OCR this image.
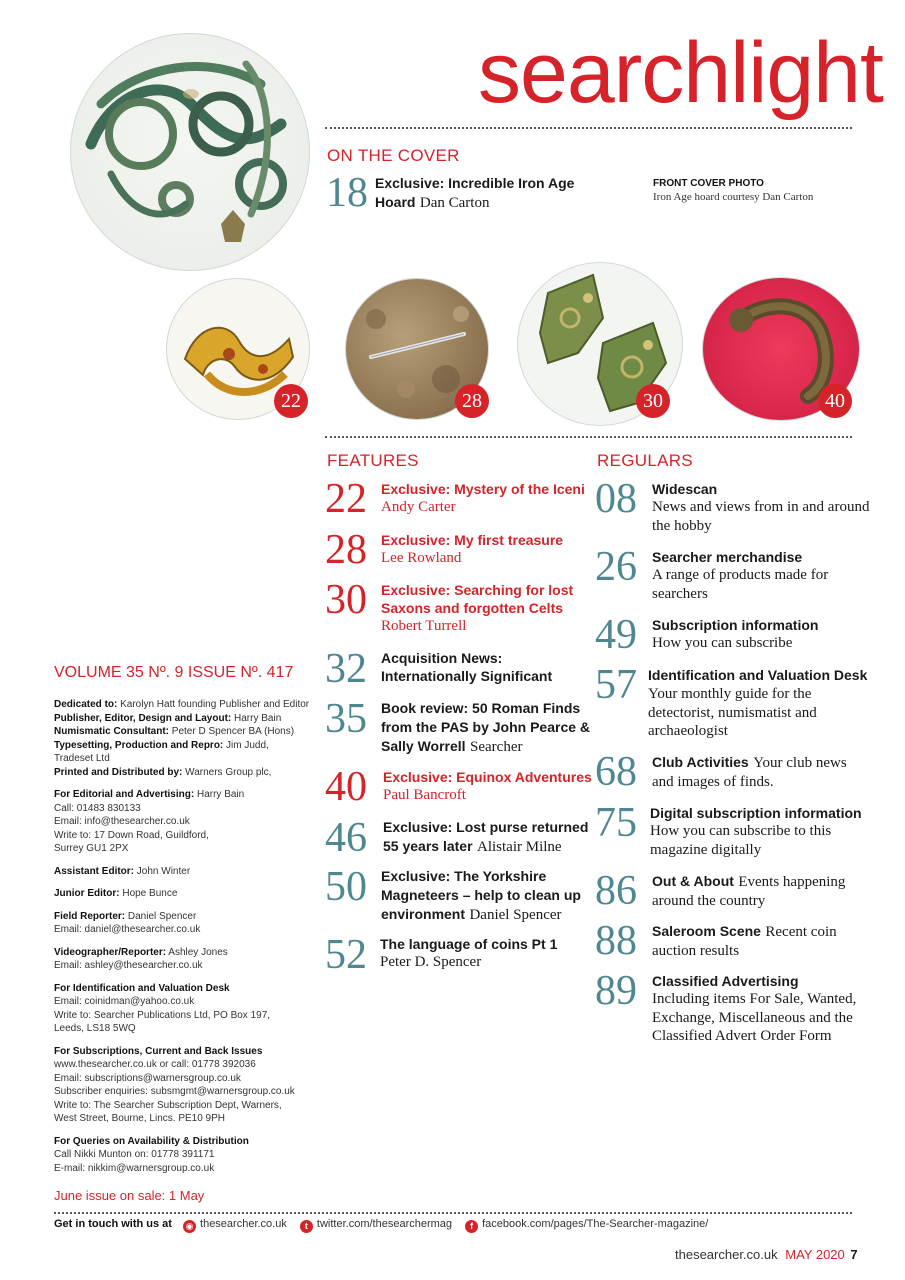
searchlight
ON THE COVER
18 Exclusive: Incredible Iron Age Hoard Dan Carton
FRONT COVER PHOTO
Iron Age hoard courtesy Dan Carton
22	28	30	40
FEATURES
22 Exclusive: Mystery of the Iceni
Andy Carter
28 Exclusive: My first treasure
Lee Rowland
30 Exclusive: Searching for lost Saxons and forgotten Celts
Robert Turrell
32 Acquisition News: Internationally Significant
35 Book review: 50 Roman Finds from the PAS by John Pearce & Sally Worrell Searcher
40 Exclusive: Equinox Adventures
Paul Bancroft
46 Exclusive: Lost purse returned 55 years later Alistair Milne
50 Exclusive: The Yorkshire Magneteers – help to clean up environment Daniel Spencer
52 The language of coins Pt 1
Peter D. Spencer
REGULARS
08 Widescan
News and views from in and around the hobby
26 Searcher merchandise
A range of products made for searchers
49 Subscription information
How you can subscribe
57 Identification and Valuation Desk Your monthly guide for the detectorist, numismatist and archaeologist
68 Club Activities Your club news and images of finds.
75 Digital subscription information
How you can subscribe to this magazine digitally
86 Out & About Events happening around the country
88 Saleroom Scene Recent coin auction results
89 Classified Advertising
Including items For Sale, Wanted, Exchange, Miscellaneous and the Classified Advert Order Form
VOLUME 35 Nº. 9 ISSUE Nº. 417
Dedicated to: Karolyn Hatt founding Publisher and Editor
Publisher, Editor, Design and Layout: Harry Bain
Numismatic Consultant: Peter D Spencer BA (Hons)
Typesetting, Production and Repro: Jim Judd,
Tradeset Ltd
Printed and Distributed by: Warners Group plc,
For Editorial and Advertising: Harry Bain
Call: 01483 830133
Email: info@thesearcher.co.uk
Write to: 17 Down Road, Guildford,
Surrey GU1 2PX
Assistant Editor: John Winter
Junior Editor: Hope Bunce
Field Reporter: Daniel Spencer
Email: daniel@thesearcher.co.uk
Videographer/Reporter: Ashley Jones
Email: ashley@thesearcher.co.uk
For Identification and Valuation Desk
Email: coinidman@yahoo.co.uk
Write to: Searcher Publications Ltd, PO Box 197,
Leeds, LS18 5WQ
For Subscriptions, Current and Back Issues
www.thesearcher.co.uk or call: 01778 392036
Email: subscriptions@warnersgroup.co.uk
Subscriber enquiries: subsmgmt@warnersgroup.co.uk
Write to: The Searcher Subscription Dept, Warners,
West Street, Bourne, Lincs. PE10 9PH
For Queries on Availability & Distribution
Call Nikki Munton on: 01778 391171
E-mail: nikkim@warnersgroup.co.uk
June issue on sale: 1 May
Get in touch with us at ◉ thesearcher.co.uk t twitter.com/thesearchermag f facebook.com/pages/The-Searcher-magazine/
thesearcher.co.uk MAY 2020 7
